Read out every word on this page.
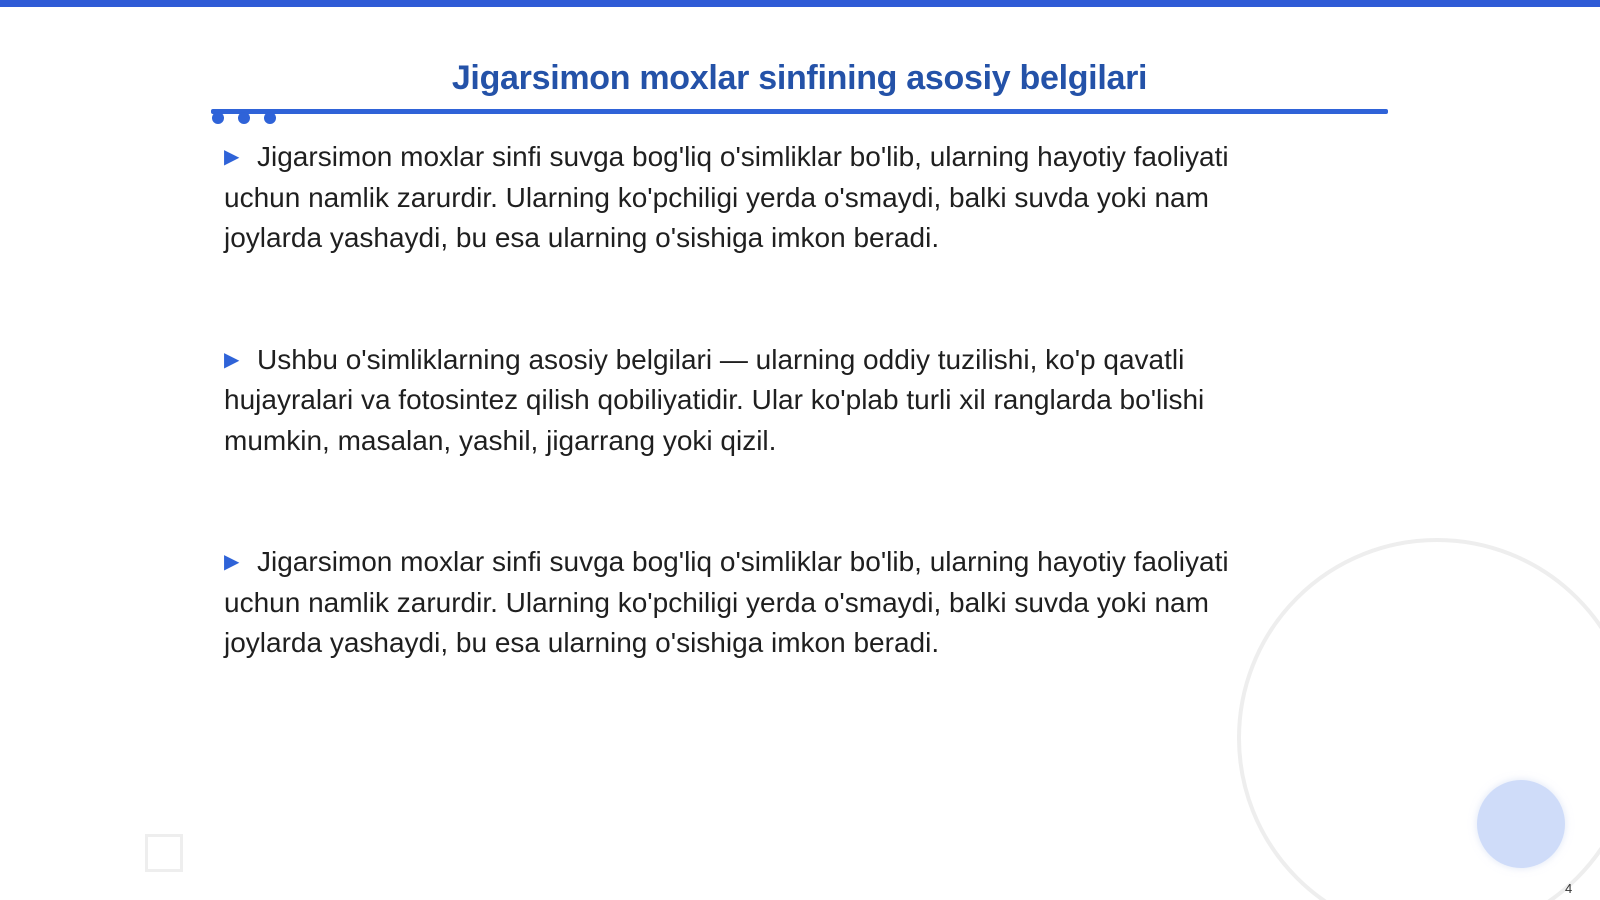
Jigarsimon moxlar sinfining asosiy belgilari
▶ Jigarsimon moxlar sinfi suvga bog'liq o'simliklar bo'lib, ularning hayotiy faoliyati
uchun namlik zarurdir. Ularning ko'pchiligi yerda o'smaydi, balki suvda yoki nam
joylarda yashaydi, bu esa ularning o'sishiga imkon beradi.
▶ Ushbu o'simliklarning asosiy belgilari — ularning oddiy tuzilishi, ko'p qavatli
hujayralari va fotosintez qilish qobiliyatidir. Ular ko'plab turli xil ranglarda bo'lishi
mumkin, masalan, yashil, jigarrang yoki qizil.
▶ Jigarsimon moxlar sinfi suvga bog'liq o'simliklar bo'lib, ularning hayotiy faoliyati
uchun namlik zarurdir. Ularning ko'pchiligi yerda o'smaydi, balki suvda yoki nam
joylarda yashaydi, bu esa ularning o'sishiga imkon beradi.
4
